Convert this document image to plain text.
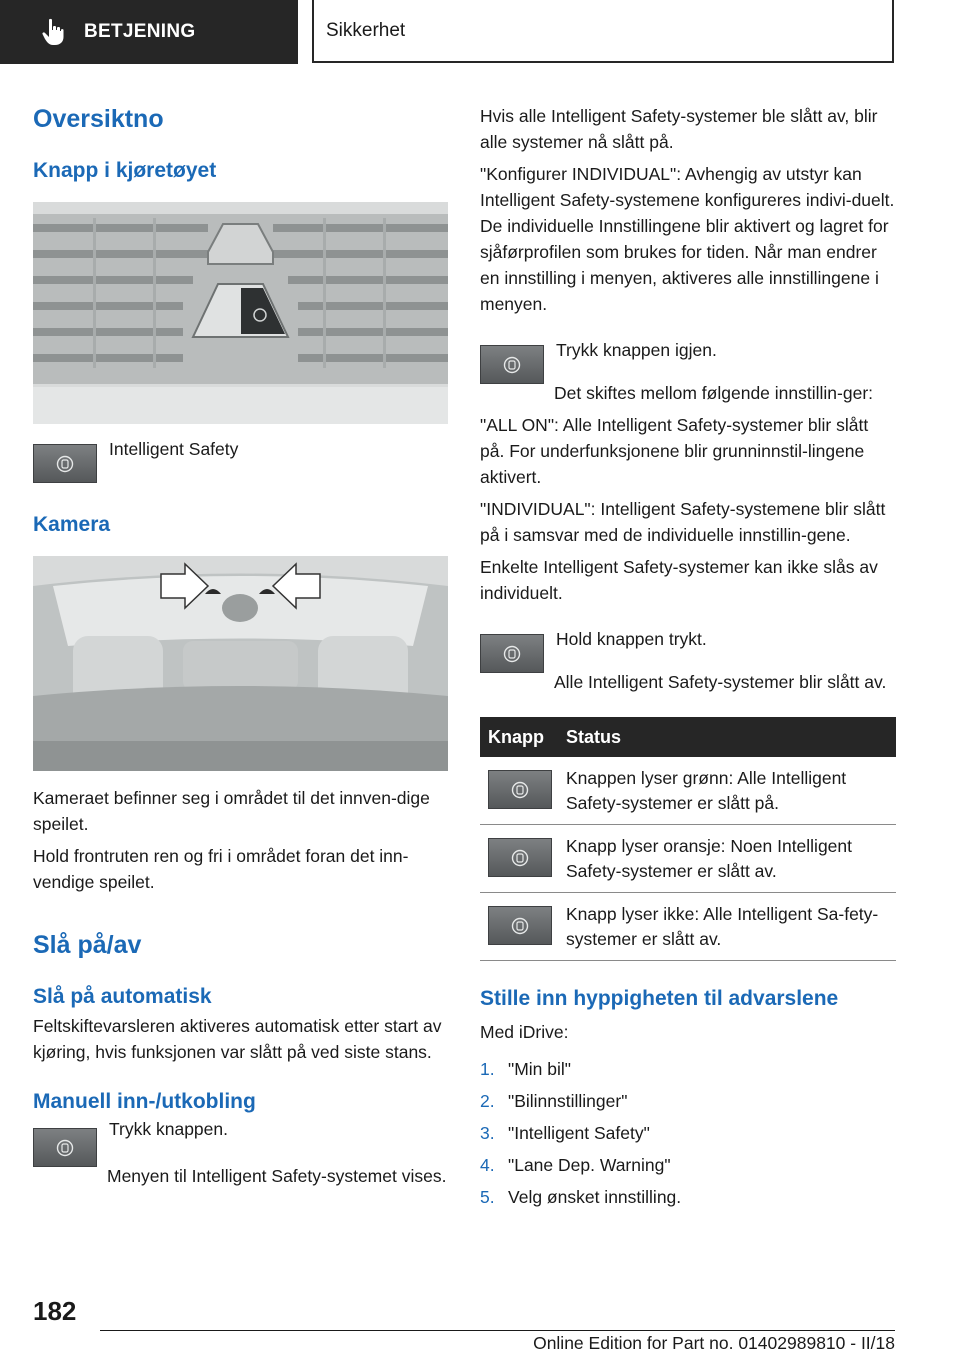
BETJENING	Sikkerhet
Oversiktno
Knapp i kjøretøyet

Intelligent Safety

Kamera

Kameraet befinner seg i området til det innven-dige speilet.

Hold frontruten ren og fri i området foran det inn-vendige speilet.

Slå på/av
Slå på automatisk

Feltskiftevarsleren aktiveres automatisk etter start av kjøring, hvis funksjonen var slått på ved siste stans.

Manuell inn-/utkobling

Trykk knappen.

Menyen til Intelligent Safety-systemet vises.

Hvis alle Intelligent Safety-systemer ble slått av, blir alle systemer nå slått på.

"Konfigurer INDIVIDUAL": Avhengig av utstyr kan Intelligent Safety-systemene konfigureres indivi-duelt. De individuelle Innstillingene blir aktivert og lagret for sjåførprofilen som brukes for tiden. Når man endrer en innstilling i menyen, aktiveres alle innstillingene i menyen.

Trykk knappen igjen.

Det skiftes mellom følgende innstillin-ger:

"ALL ON": Alle Intelligent Safety-systemer blir slått på. For underfunksjonene blir grunninnstil-lingene aktivert.

"INDIVIDUAL": Intelligent Safety-systemene blir slått på i samsvar med de individuelle innstillin-gene.

Enkelte Intelligent Safety-systemer kan ikke slås av individuelt.

Hold knappen trykt.

Alle Intelligent Safety-systemer blir slått av.

Knapp	Status

	Knappen lyser grønn: Alle Intelligent Safety-systemer er slått på.

	Knapp lyser oransje: Noen Intelligent Safety-systemer er slått av.

	Knapp lyser ikke: Alle Intelligent Sa-fety-systemer er slått av.
Stille inn hyppigheten til advarslene

Med iDrive:

1. "Min bil"
2. "Bilinnstillinger"
3. "Intelligent Safety"
4. "Lane Dep. Warning"
5. Velg ønsket innstilling.
182
Online Edition for Part no. 01402989810 - II/18
